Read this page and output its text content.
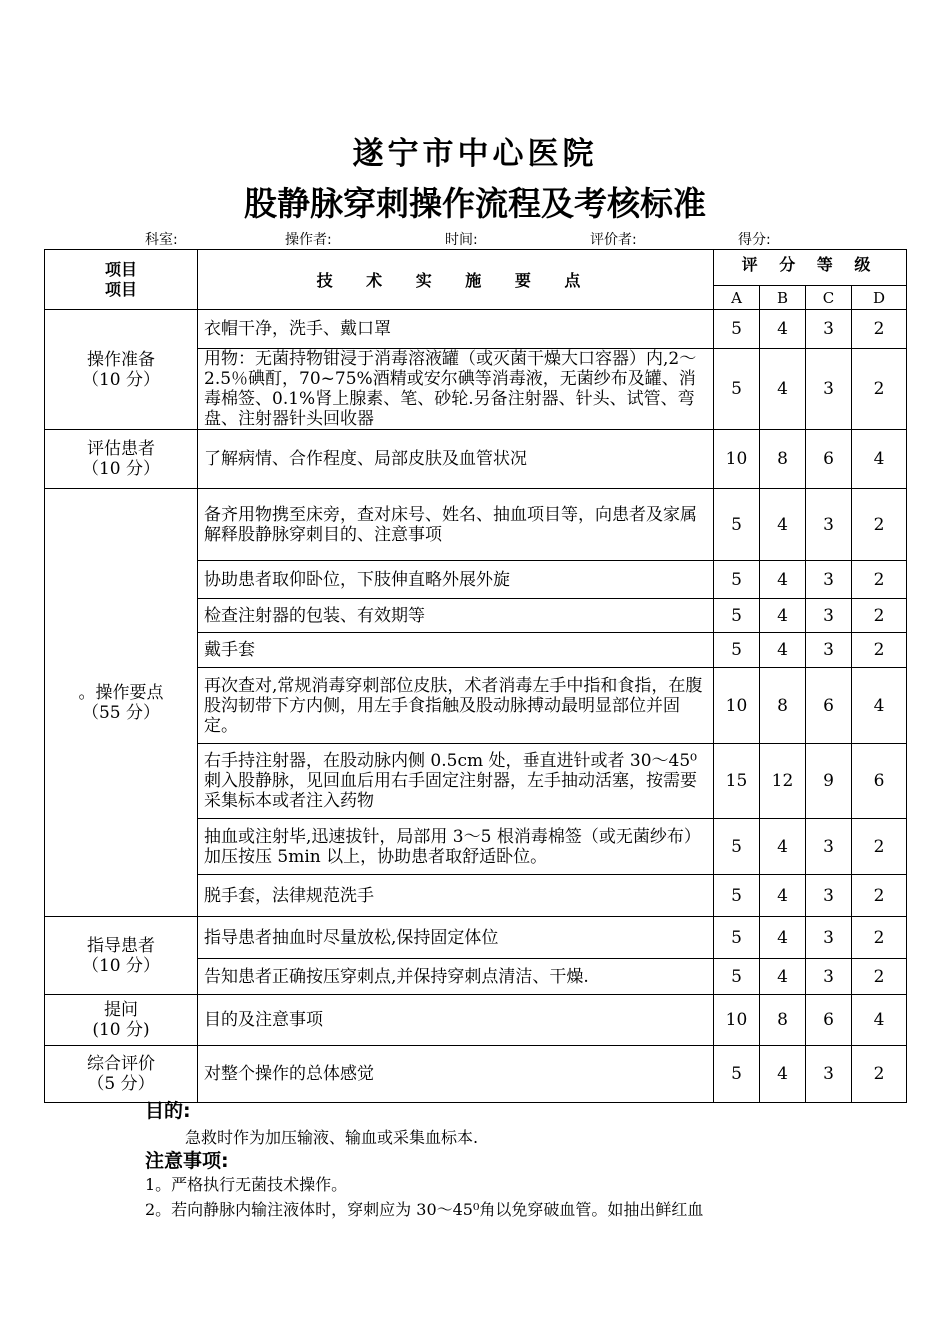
遂宁市中心医院
股静脉穿刺操作流程及考核标准
科室:	操作者:	时间:	评价者:	得分:
项目
项目	技 术 实 施 要 点	评 分 等 级			
		A	B	C	D

操作准备
（10 分）	衣帽干净，洗手、戴口罩	5	4	3	2
	用物：无菌持物钳浸于消毒溶液罐（或灭菌干燥大口容器）内,2～2.5％碘酊，70~75%酒精或安尔碘等消毒液，无菌纱布及罐、消毒棉签、0.1%肾上腺素、笔、砂轮.另备注射器、针头、试管、弯盘、注射器针头回收器	5	4	3	2

评估患者
（10 分）	了解病情、合作程度、局部皮肤及血管状况	10	8	6	4

。操作要点
（55 分）	备齐用物携至床旁，查对床号、姓名、抽血项目等，向患者及家属解释股静脉穿刺目的、注意事项	5	4	3	2
	协助患者取仰卧位，下肢伸直略外展外旋	5	4	3	2
	检查注射器的包装、有效期等	5	4	3	2
	戴手套	5	4	3	2
	再次查对,常规消毒穿刺部位皮肤，术者消毒左手中指和食指，在腹股沟韧带下方内侧，用左手食指触及股动脉搏动最明显部位并固定。	10	8	6	4
	右手持注射器，在股动脉内侧 0.5cm 处，垂直进针或者 30～45⁰刺入股静脉，见回血后用右手固定注射器，左手抽动活塞，按需要采集标本或者注入药物	15	12	9	6
	抽血或注射毕,迅速拔针，局部用 3～5 根消毒棉签（或无菌纱布）加压按压 5min 以上，协助患者取舒适卧位。	5	4	3	2
	脱手套，法律规范洗手	5	4	3	2

指导患者
（10 分）	指导患者抽血时尽量放松,保持固定体位	5	4	3	2
	告知患者正确按压穿刺点,并保持穿刺点清洁、干燥.	5	4	3	2

提问
(10 分)	目的及注意事项	10	8	6	4

综合评价
（5 分）	对整个操作的总体感觉	5	4	3	2
目的:
急救时作为加压输液、输血或采集血标本.
注意事项:
1。严格执行无菌技术操作。
2。若向静脉内输注液体时，穿刺应为 30～45⁰角以免穿破血管。如抽出鲜红血
